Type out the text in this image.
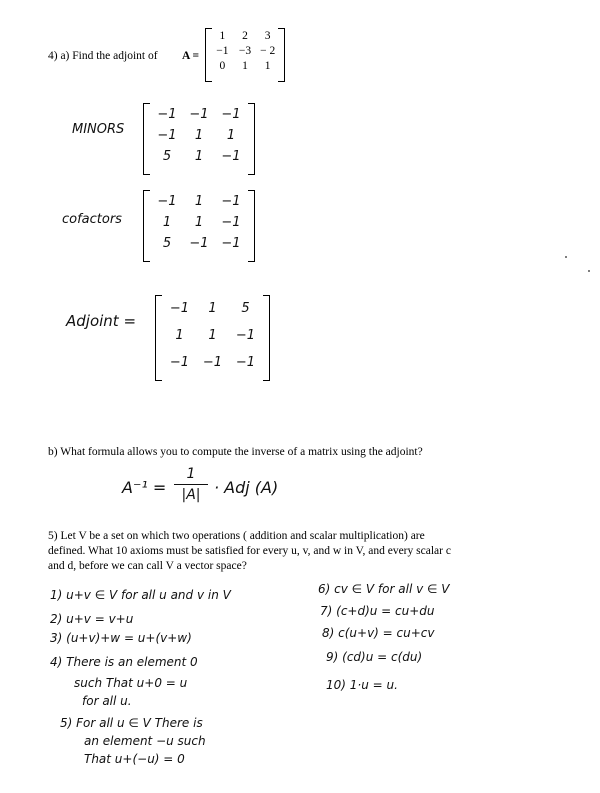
4) a) Find the adjoint of A =
1	2	3
−1 −3 − 2
0	1	1
MINORS
−1 −1 −1
−1	1	1
5	1	−1
cofactors
−1	1	−1
1	1	−1
5	−1 −1
Adjoint =
−1	1	5
1	1	−1
−1	−1	−1
b) What formula allows you to compute the inverse of a matrix using the adjoint?
A⁻¹ =
1
|A| · Adj (A)
5) Let V be a set on which two operations ( addition and scalar multiplication) are
defined. What 10 axioms must be satisfied for every u, v, and w in V, and every scalar c
and d, before we can call V a vector space?
1) u+v ∈ V for all u and v in V
2) u+v = v+u
3) (u+v)+w = u+(v+w)
4) There is an element 0
such That u+0 = u
for all u.
5) For all u ∈ V There is
an element −u such
That u+(−u) = 0
6) cv ∈ V for all v ∈ V
7) (c+d)u = cu+du
8) c(u+v) = cu+cv
9) (cd)u = c(du)
10) 1·u = u.
